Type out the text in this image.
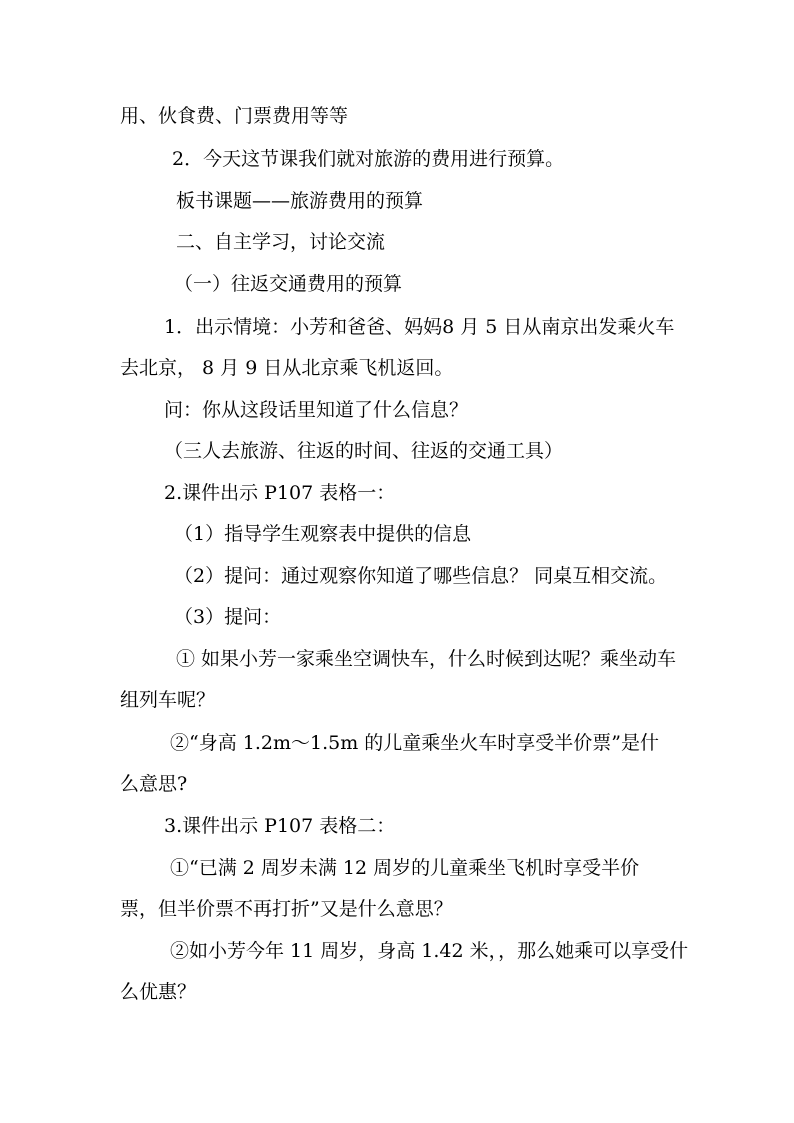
用、伙食费、门票费用等等

2．今天这节课我们就对旅游的费用进行预算。

板书课题——旅游费用的预算

二、自主学习，讨论交流

（一）往返交通费用的预算

1．出示情境：小芳和爸爸、妈妈8 月 5 日从南京出发乘火车

去北京， 8 月 9 日从北京乘飞机返回。

问：你从这段话里知道了什么信息？

（三人去旅游、往返的时间、往返的交通工具）

2.课件出示 P107 表格一：

（1）指导学生观察表中提供的信息

（2）提问：通过观察你知道了哪些信息？ 同桌互相交流。

（3）提问：

① 如果小芳一家乘坐空调快车，什么时候到达呢？乘坐动车

组列车呢？

②“身高 1.2m～1.5m 的儿童乘坐火车时享受半价票”是什

么意思?

3.课件出示 P107 表格二：

①“已满 2 周岁未满 12 周岁的儿童乘坐飞机时享受半价

票，但半价票不再打折”又是什么意思？

②如小芳今年 11 周岁，身高 1.42 米，，那么她乘可以享受什

么优惠？
